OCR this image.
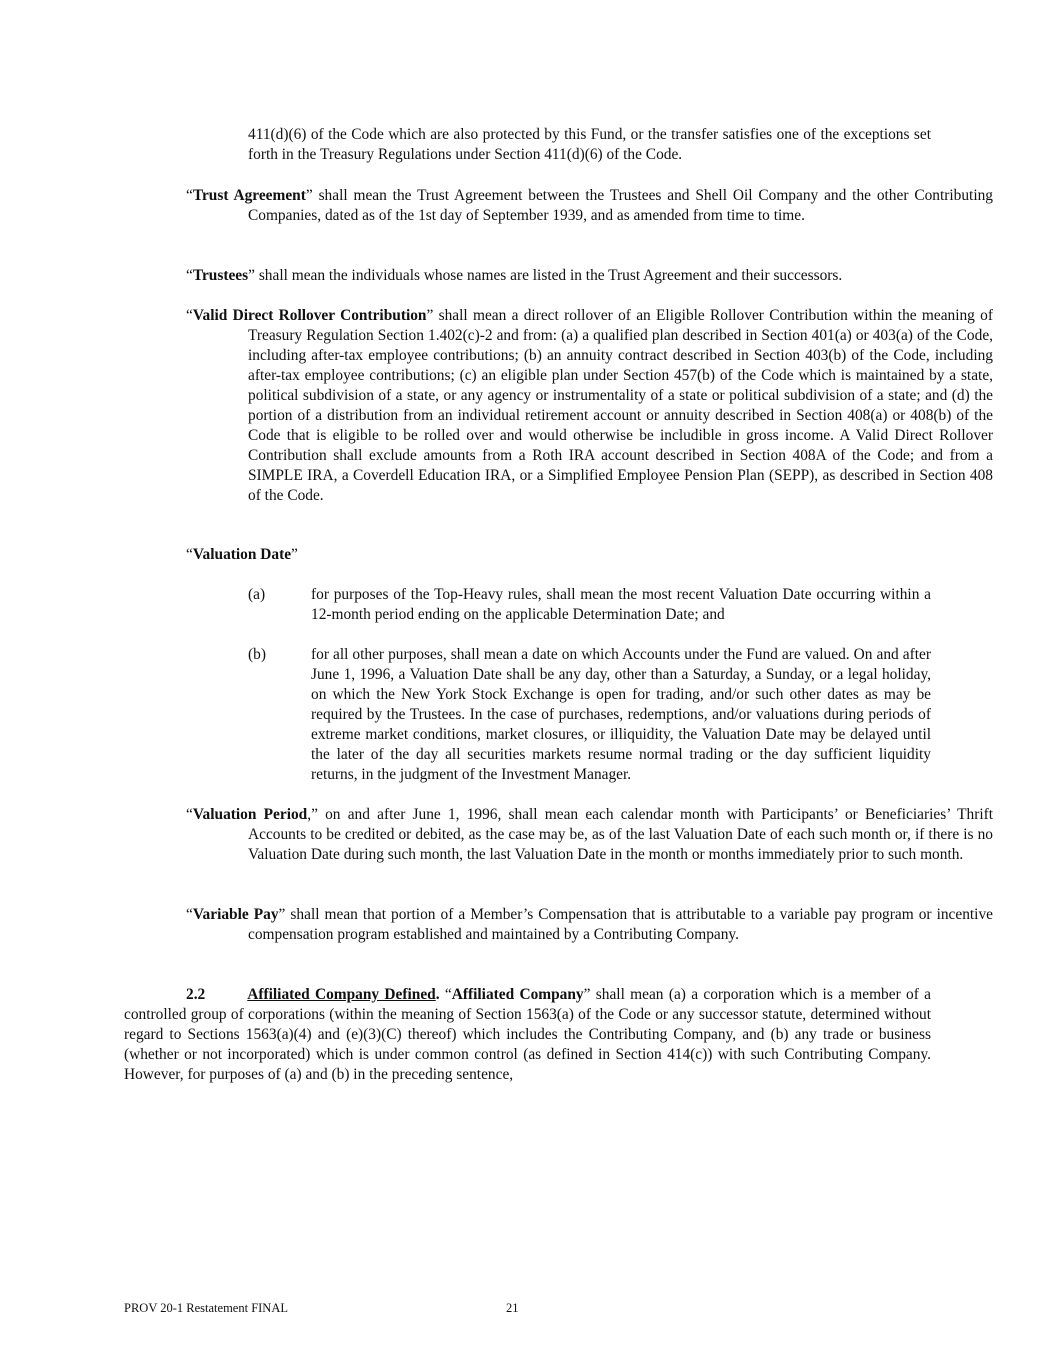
411(d)(6) of the Code which are also protected by this Fund, or the transfer satisfies one of the exceptions set forth in the Treasury Regulations under Section 411(d)(6) of the Code.

“Trust Agreement” shall mean the Trust Agreement between the Trustees and Shell Oil Company and the other Contributing Companies, dated as of the 1st day of September 1939, and as amended from time to time.

“Trustees” shall mean the individuals whose names are listed in the Trust Agreement and their successors.

“Valid Direct Rollover Contribution” shall mean a direct rollover of an Eligible Rollover Contribution within the meaning of Treasury Regulation Section 1.402(c)-2 and from: (a) a qualified plan described in Section 401(a) or 403(a) of the Code, including after-tax employee contributions; (b) an annuity contract described in Section 403(b) of the Code, including after-tax employee contributions; (c) an eligible plan under Section 457(b) of the Code which is maintained by a state, political subdivision of a state, or any agency or instrumentality of a state or political subdivision of a state; and (d) the portion of a distribution from an individual retirement account or annuity described in Section 408(a) or 408(b) of the Code that is eligible to be rolled over and would otherwise be includible in gross income. A Valid Direct Rollover Contribution shall exclude amounts from a Roth IRA account described in Section 408A of the Code; and from a SIMPLE IRA, a Coverdell Education IRA, or a Simplified Employee Pension Plan (SEPP), as described in Section 408 of the Code.

“Valuation Date”

(a)	for purposes of the Top-Heavy rules, shall mean the most recent Valuation Date occurring within a 12-month period ending on the applicable Determination Date; and
(b)	for all other purposes, shall mean a date on which Accounts under the Fund are valued. On and after June 1, 1996, a Valuation Date shall be any day, other than a Saturday, a Sunday, or a legal holiday, on which the New York Stock Exchange is open for trading, and/or such other dates as may be required by the Trustees. In the case of purchases, redemptions, and/or valuations during periods of extreme market conditions, market closures, or illiquidity, the Valuation Date may be delayed until the later of the day all securities markets resume normal trading or the day sufficient liquidity returns, in the judgment of the Investment Manager.

“Valuation Period,” on and after June 1, 1996, shall mean each calendar month with Participants’ or Beneficiaries’ Thrift Accounts to be credited or debited, as the case may be, as of the last Valuation Date of each such month or, if there is no Valuation Date during such month, the last Valuation Date in the month or months immediately prior to such month.

“Variable Pay” shall mean that portion of a Member’s Compensation that is attributable to a variable pay program or incentive compensation program established and maintained by a Contributing Company.

2.2	Affiliated Company Defined. “Affiliated Company” shall mean (a) a corporation which is a member of a controlled group of corporations (within the meaning of Section 1563(a) of the Code or any successor statute, determined without regard to Sections 1563(a)(4) and (e)(3)(C) thereof) which includes the Contributing Company, and (b) any trade or business (whether or not incorporated) which is under common control (as defined in Section 414(c)) with such Contributing Company. However, for purposes of (a) and (b) in the preceding sentence,

PROV 20-1 Restatement FINAL	21
